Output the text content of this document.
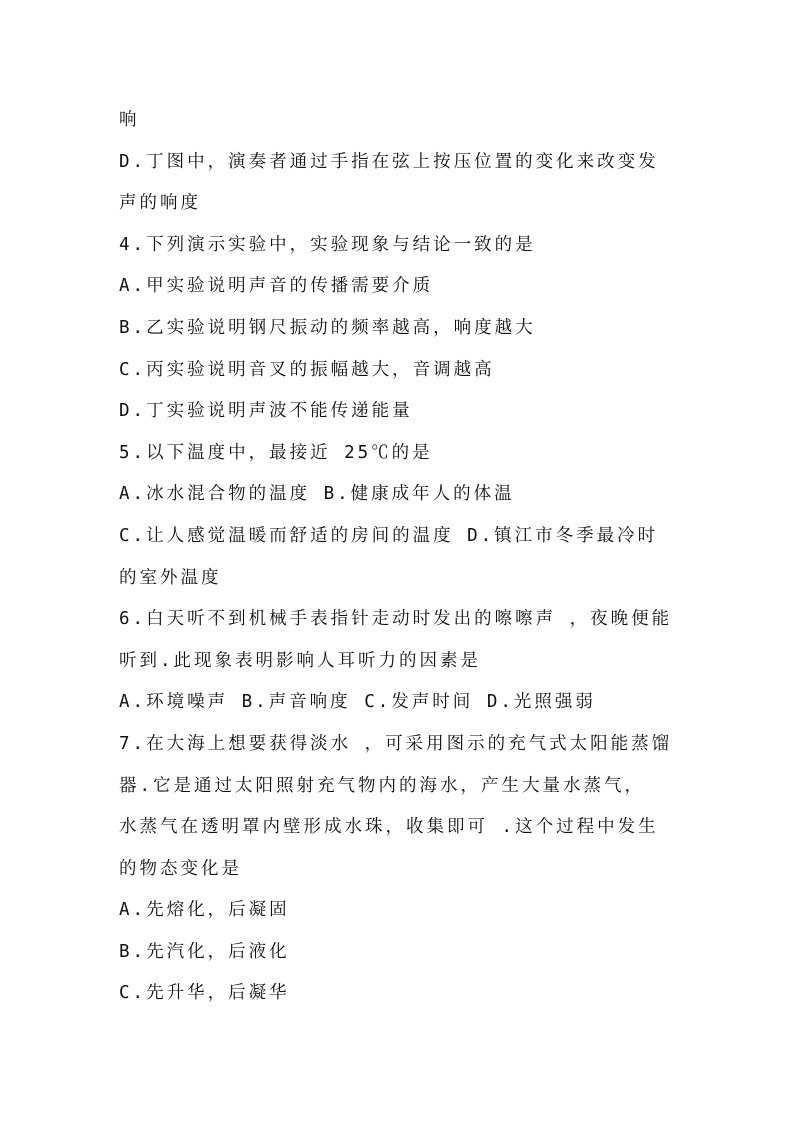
响
D.丁图中，演奏者通过手指在弦上按压位置的变化来改变发
声的响度
4.下列演示实验中，实验现象与结论一致的是
A.甲实验说明声音的传播需要介质
B.乙实验说明钢尺振动的频率越高，响度越大
C.丙实验说明音叉的振幅越大，音调越高
D.丁实验说明声波不能传递能量
5.以下温度中，最接近 25℃的是
A.冰水混合物的温度 B.健康成年人的体温
C.让人感觉温暖而舒适的房间的温度 D.镇江市冬季最冷时
的室外温度
6.白天听不到机械手表指针走动时发出的嚓嚓声 ，夜晚便能
听到.此现象表明影响人耳听力的因素是
A.环境噪声 B.声音响度 C.发声时间 D.光照强弱
7.在大海上想要获得淡水 ，可采用图示的充气式太阳能蒸馏
器.它是通过太阳照射充气物内的海水，产生大量水蒸气，
水蒸气在透明罩内壁形成水珠，收集即可 .这个过程中发生
的物态变化是
A.先熔化，后凝固
B.先汽化，后液化
C.先升华，后凝华
